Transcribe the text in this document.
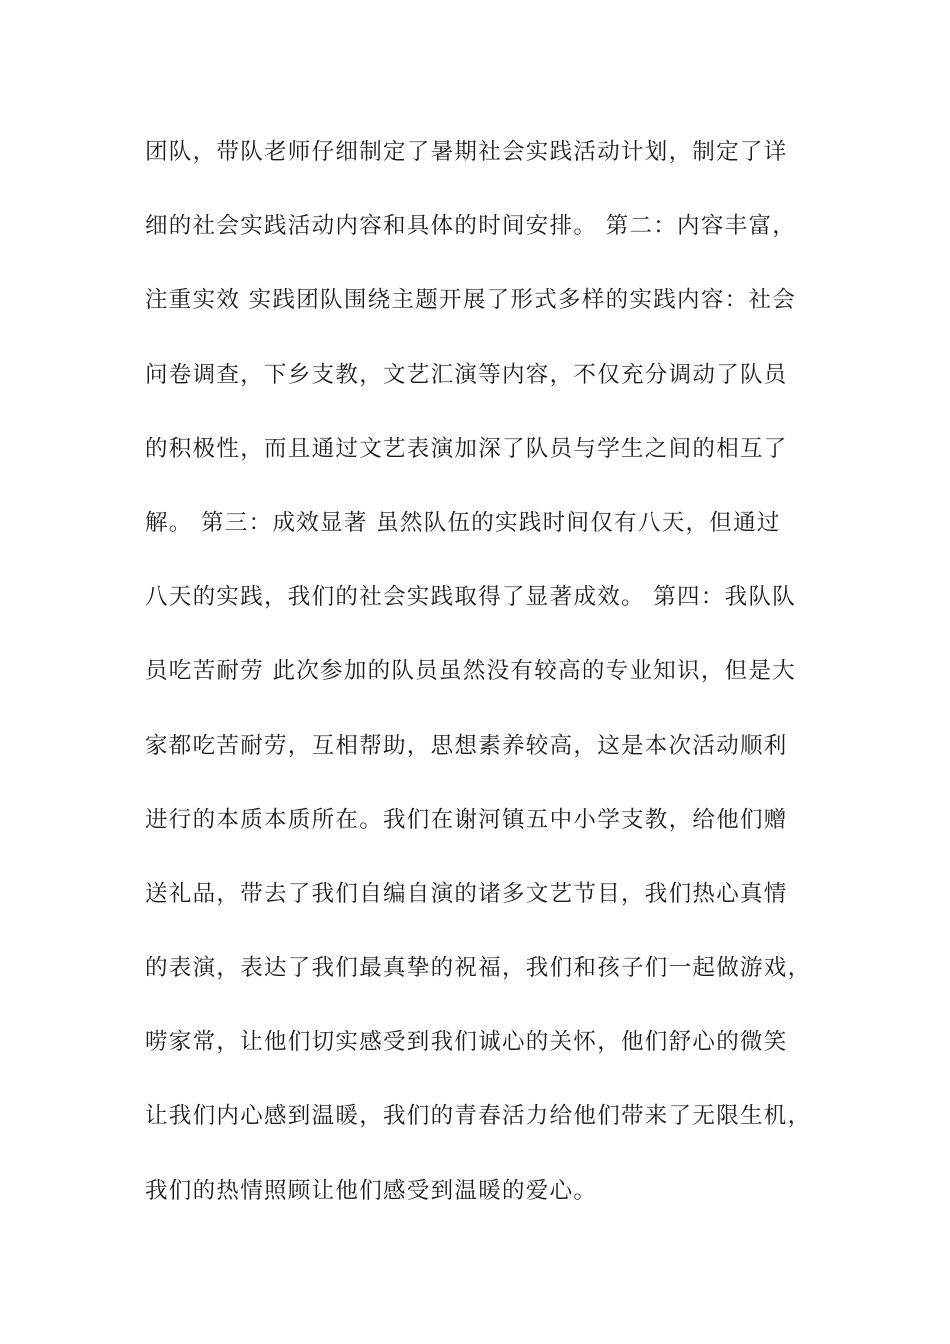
团队，带队老师仔细制定了暑期社会实践活动计划，制定了详
细的社会实践活动内容和具体的时间安排。 第二：内容丰富，
注重实效 实践团队围绕主题开展了形式多样的实践内容：社会
问卷调查，下乡支教，文艺汇演等内容，不仅充分调动了队员
的积极性，而且通过文艺表演加深了队员与学生之间的相互了
解。 第三：成效显著 虽然队伍的实践时间仅有八天，但通过
八天的实践，我们的社会实践取得了显著成效。 第四：我队队
员吃苦耐劳 此次参加的队员虽然没有较高的专业知识，但是大
家都吃苦耐劳，互相帮助，思想素养较高，这是本次活动顺利
进行的本质本质所在。我们在谢河镇五中小学支教，给他们赠
送礼品，带去了我们自编自演的诸多文艺节目，我们热心真情
的表演，表达了我们最真挚的祝福，我们和孩子们一起做游戏，
唠家常，让他们切实感受到我们诚心的关怀，他们舒心的微笑
让我们内心感到温暖，我们的青春活力给他们带来了无限生机，
我们的热情照顾让他们感受到温暖的爱心。
